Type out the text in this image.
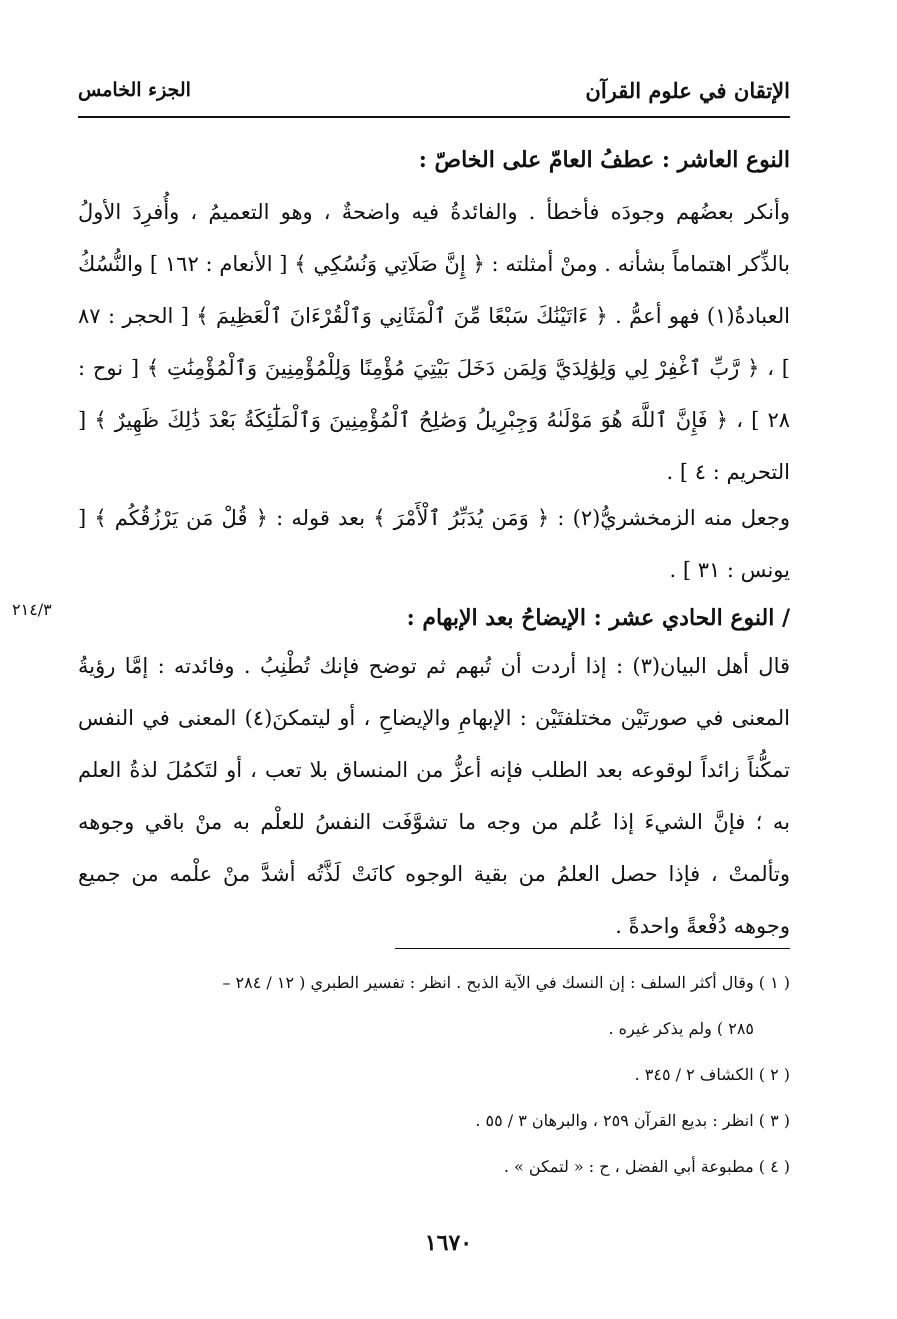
الإتقان في علوم القرآن
الجزء الخامس
النوع العاشر : عطفُ العامّ على الخاصّ :
وأنكر بعضُهم وجودَه فأخطأ . والفائدةُ فيه واضحةٌ ، وهو التعميمُ ، وأُفرِدَ الأولُ بالذِّكر اهتماماً بشأنه . ومنْ أمثلته : ﴿ إِنَّ صَلَاتِي وَنُسُكِي ﴾ [ الأنعام : ١٦٢ ] والنُّسُكُ العبادةُ(١) فهو أعمُّ . ﴿ ءَاتَيْنَٰكَ سَبْعًا مِّنَ ٱلْمَثَانِي وَٱلْقُرْءَانَ ٱلْعَظِيمَ ﴾ [ الحجر : ٨٧ ] ، ﴿ رَّبِّ ٱغْفِرْ لِي وَلِوَٰلِدَيَّ وَلِمَن دَخَلَ بَيْتِيَ مُؤْمِنًا وَلِلْمُؤْمِنِينَ وَٱلْمُؤْمِنَٰتِ ﴾ [ نوح : ٢٨ ] ، ﴿ فَإِنَّ ٱللَّهَ هُوَ مَوْلَىٰهُ وَجِبْرِيلُ وَصَٰلِحُ ٱلْمُؤْمِنِينَ وَٱلْمَلَٰٓئِكَةُ بَعْدَ ذَٰلِكَ ظَهِيرٌ ﴾ [ التحريم : ٤ ] .
وجعل منه الزمخشريُّ(٢) : ﴿ وَمَن يُدَبِّرُ ٱلْأَمْرَ ﴾ بعد قوله : ﴿ قُلْ مَن يَرْزُقُكُم ﴾ [ يونس : ٣١ ] .
٢١٤/٣	/ النوع الحادي عشر : الإيضاحُ بعد الإبهام :
قال أهل البيان(٣) : إذا أردت أن تُبهم ثم توضح فإنك تُطْنِبُ . وفائدته : إمَّا رؤيةُ المعنى في صورتَيْن مختلفتَيْن : الإبهامِ والإيضاحِ ، أو ليتمكنَ(٤) المعنى في النفس تمكُّناً زائداً لوقوعه بعد الطلب فإنه أعزُّ من المنساق بلا تعب ، أو لتَكمُلَ لذةُ العلم به ؛ فإنَّ الشيءَ إذا عُلم من وجه ما تشوَّفَت النفسُ للعلْم به منْ باقي وجوهه وتألمتْ ، فإذا حصل العلمُ من بقية الوجوه كانَتْ لَذَّتُه أشدَّ منْ علْمه من جميع وجوهه دُفْعةً واحدةً .
( ١ ) وقال أكثر السلف : إن النسك في الآية الذبح . انظر : تفسير الطبري ( ١٢ / ٢٨٤ –
٢٨٥ ) ولم يذكر غيره .
( ٢ ) الكشاف ٢ / ٣٤٥ .
( ٣ ) انظر : بديع القرآن ٢٥٩ ، والبرهان ٣ / ٥٥ .
( ٤ ) مطبوعة أبي الفضل ، ح : « لتمكن » .
١٦٧٠
